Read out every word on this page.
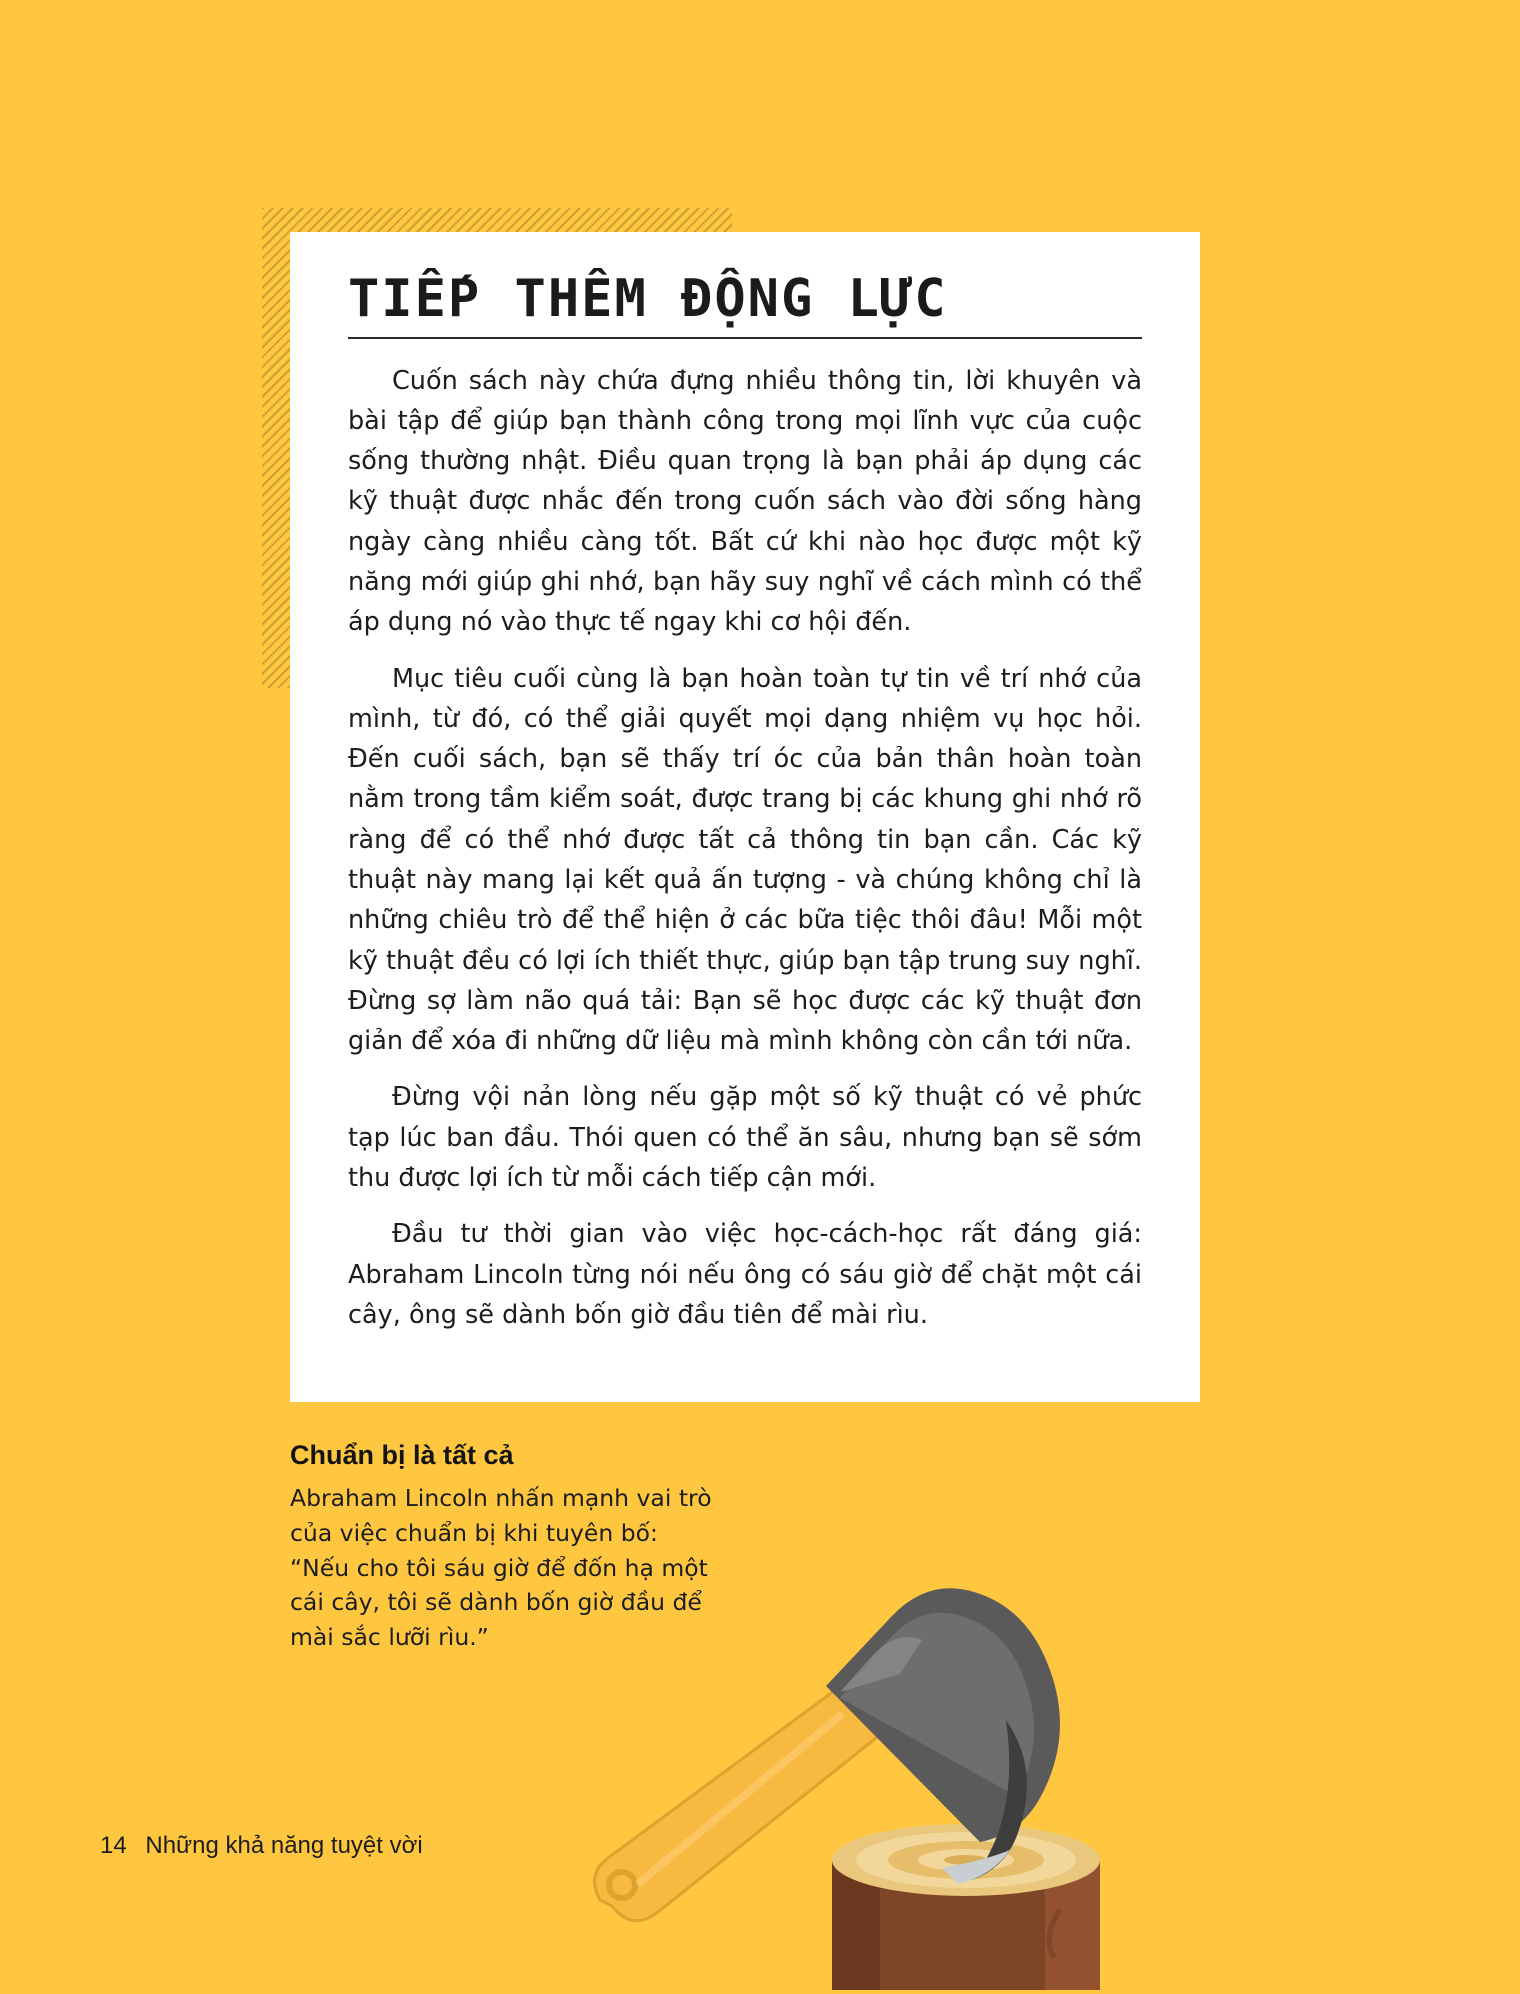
TIẾP THÊM ĐỘNG LỰC

Cuốn sách này chứa đựng nhiều thông tin, lời khuyên và bài tập để giúp bạn thành công trong mọi lĩnh vực của cuộc sống thường nhật. Điều quan trọng là bạn phải áp dụng các kỹ thuật được nhắc đến trong cuốn sách vào đời sống hàng ngày càng nhiều càng tốt. Bất cứ khi nào học được một kỹ năng mới giúp ghi nhớ, bạn hãy suy nghĩ về cách mình có thể áp dụng nó vào thực tế ngay khi cơ hội đến.

Mục tiêu cuối cùng là bạn hoàn toàn tự tin về trí nhớ của mình, từ đó, có thể giải quyết mọi dạng nhiệm vụ học hỏi. Đến cuối sách, bạn sẽ thấy trí óc của bản thân hoàn toàn nằm trong tầm kiểm soát, được trang bị các khung ghi nhớ rõ ràng để có thể nhớ được tất cả thông tin bạn cần. Các kỹ thuật này mang lại kết quả ấn tượng - và chúng không chỉ là những chiêu trò để thể hiện ở các bữa tiệc thôi đâu! Mỗi một kỹ thuật đều có lợi ích thiết thực, giúp bạn tập trung suy nghĩ. Đừng sợ làm não quá tải: Bạn sẽ học được các kỹ thuật đơn giản để xóa đi những dữ liệu mà mình không còn cần tới nữa.

Đừng vội nản lòng nếu gặp một số kỹ thuật có vẻ phức tạp lúc ban đầu. Thói quen có thể ăn sâu, nhưng bạn sẽ sớm thu được lợi ích từ mỗi cách tiếp cận mới.

Đầu tư thời gian vào việc học-cách-học rất đáng giá: Abraham Lincoln từng nói nếu ông có sáu giờ để chặt một cái cây, ông sẽ dành bốn giờ đầu tiên để mài rìu.

Chuẩn bị là tất cả

Abraham Lincoln nhấn mạnh vai trò của việc chuẩn bị khi tuyên bố: “Nếu cho tôi sáu giờ để đốn hạ một cái cây, tôi sẽ dành bốn giờ đầu để mài sắc lưỡi rìu.”

14 Những khả năng tuyệt vời
